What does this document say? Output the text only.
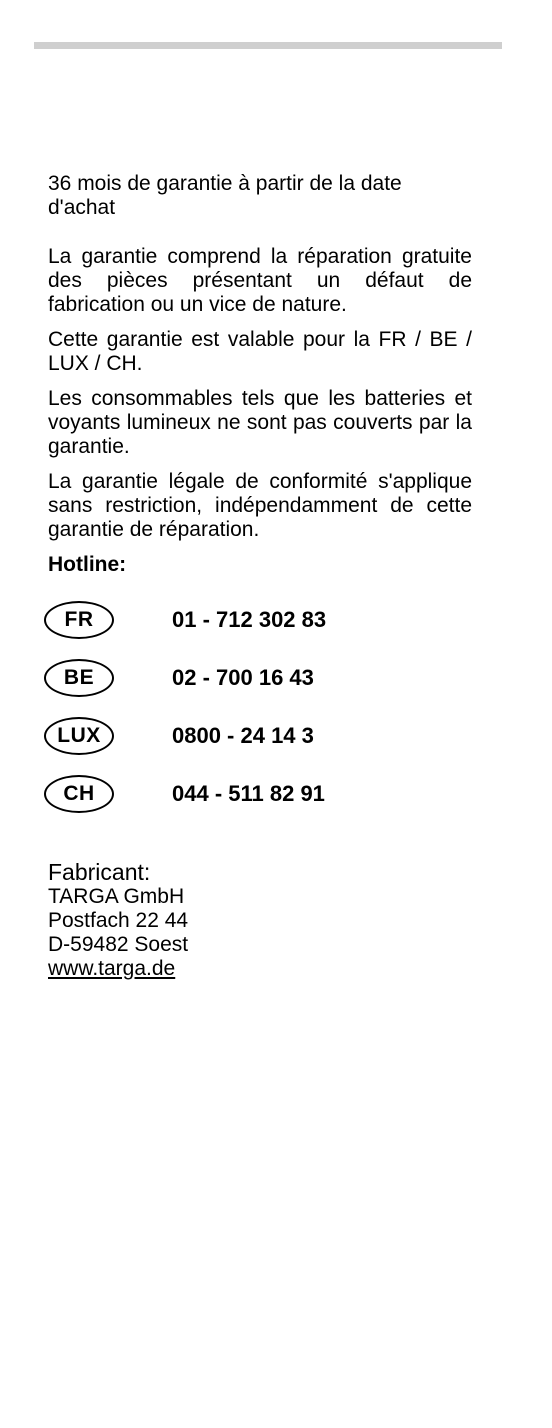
36 mois de garantie à partir de la date d'achat

La garantie comprend la réparation gratuite des pièces présentant un défaut de fabrication ou un vice de nature.

Cette garantie est valable pour la FR / BE / LUX / CH.

Les consommables tels que les batteries et voyants lumineux ne sont pas couverts par la garantie.

La garantie légale de conformité s'applique sans restriction, indépendamment de cette garantie de réparation.

Hotline:
FR	01 - 712 302 83
BE	02 - 700 16 43
LUX	0800 - 24 14 3
CH	044 - 511 82 91
Fabricant:
TARGA GmbH
Postfach 22 44
D-59482 Soest
www.targa.de
